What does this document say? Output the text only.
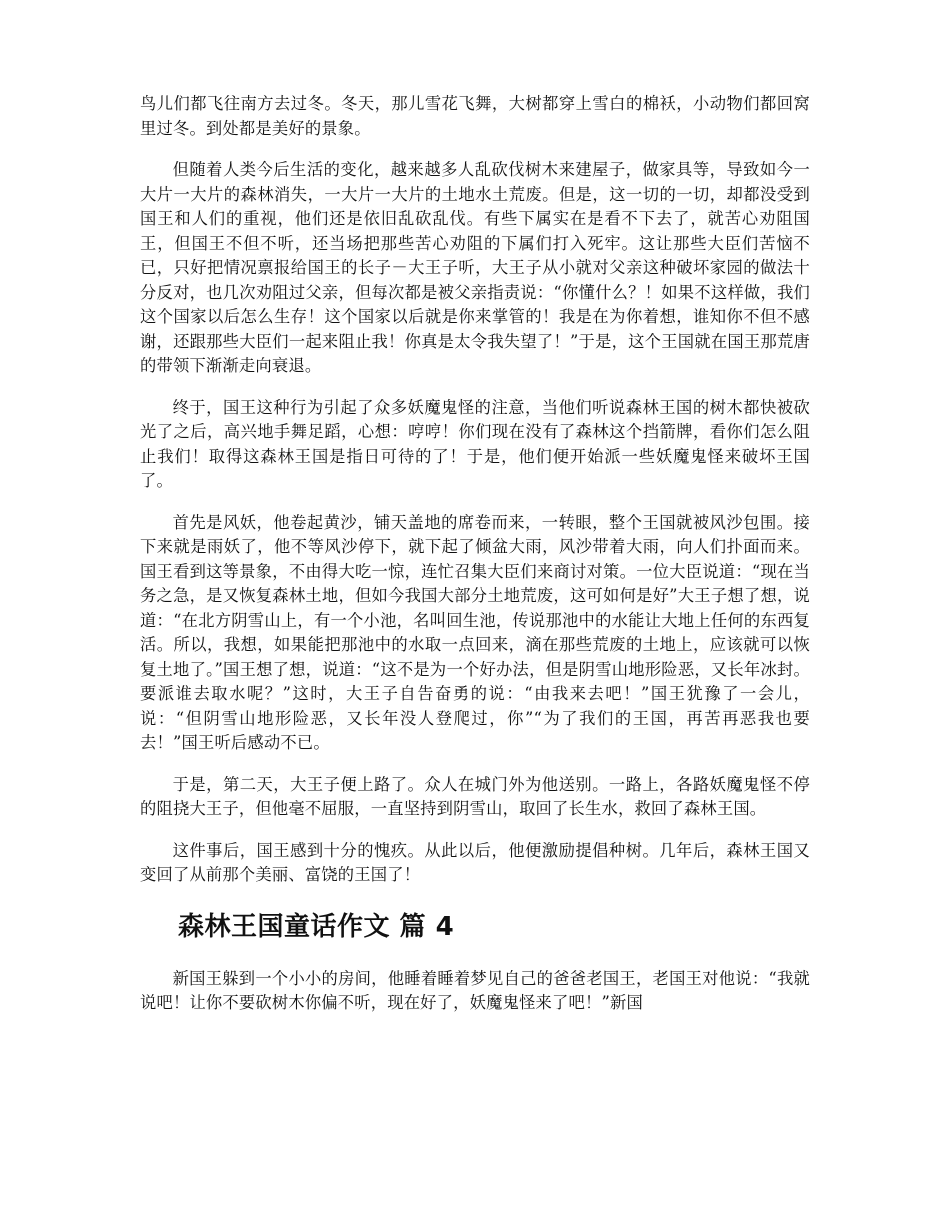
鸟儿们都飞往南方去过冬。冬天，那儿雪花飞舞，大树都穿上雪白的棉袄，小动物们都回窝里过冬。到处都是美好的景象。

但随着人类今后生活的变化，越来越多人乱砍伐树木来建屋子，做家具等，导致如今一大片一大片的森林消失，一大片一大片的土地水土荒废。但是，这一切的一切，却都没受到国王和人们的重视，他们还是依旧乱砍乱伐。有些下属实在是看不下去了，就苦心劝阻国王，但国王不但不听，还当场把那些苦心劝阻的下属们打入死牢。这让那些大臣们苦恼不已，只好把情况禀报给国王的长子－大王子听，大王子从小就对父亲这种破坏家园的做法十分反对，也几次劝阻过父亲，但每次都是被父亲指责说：“你懂什么？！如果不这样做，我们这个国家以后怎么生存！这个国家以后就是你来掌管的！我是在为你着想，谁知你不但不感谢，还跟那些大臣们一起来阻止我！你真是太令我失望了！”于是，这个王国就在国王那荒唐的带领下渐渐走向衰退。

终于，国王这种行为引起了众多妖魔鬼怪的注意，当他们听说森林王国的树木都快被砍光了之后，高兴地手舞足蹈，心想：哼哼！你们现在没有了森林这个挡箭牌，看你们怎么阻止我们！取得这森林王国是指日可待的了！于是，他们便开始派一些妖魔鬼怪来破坏王国了。

首先是风妖，他卷起黄沙，铺天盖地的席卷而来，一转眼，整个王国就被风沙包围。接下来就是雨妖了，他不等风沙停下，就下起了倾盆大雨，风沙带着大雨，向人们扑面而来。国王看到这等景象，不由得大吃一惊，连忙召集大臣们来商讨对策。一位大臣说道：“现在当务之急，是又恢复森林土地，但如今我国大部分土地荒废，这可如何是好”大王子想了想，说道：“在北方阴雪山上，有一个小池，名叫回生池，传说那池中的水能让大地上任何的东西复活。所以，我想，如果能把那池中的水取一点回来，滴在那些荒废的土地上，应该就可以恢复土地了。”国王想了想，说道：“这不是为一个好办法，但是阴雪山地形险恶，又长年冰封。要派谁去取水呢？”这时，大王子自告奋勇的说：“由我来去吧！”国王犹豫了一会儿，说：“但阴雪山地形险恶，又长年没人登爬过，你”“为了我们的王国，再苦再恶我也要去！”国王听后感动不已。

于是，第二天，大王子便上路了。众人在城门外为他送别。一路上，各路妖魔鬼怪不停的阻挠大王子，但他毫不屈服，一直坚持到阴雪山，取回了长生水，救回了森林王国。

这件事后，国王感到十分的愧疚。从此以后，他便激励提倡种树。几年后，森林王国又变回了从前那个美丽、富饶的王国了！

森林王国童话作文 篇 4

新国王躲到一个小小的房间，他睡着睡着梦见自己的爸爸老国王，老国王对他说：“我就说吧！让你不要砍树木你偏不听，现在好了，妖魔鬼怪来了吧！”新国
